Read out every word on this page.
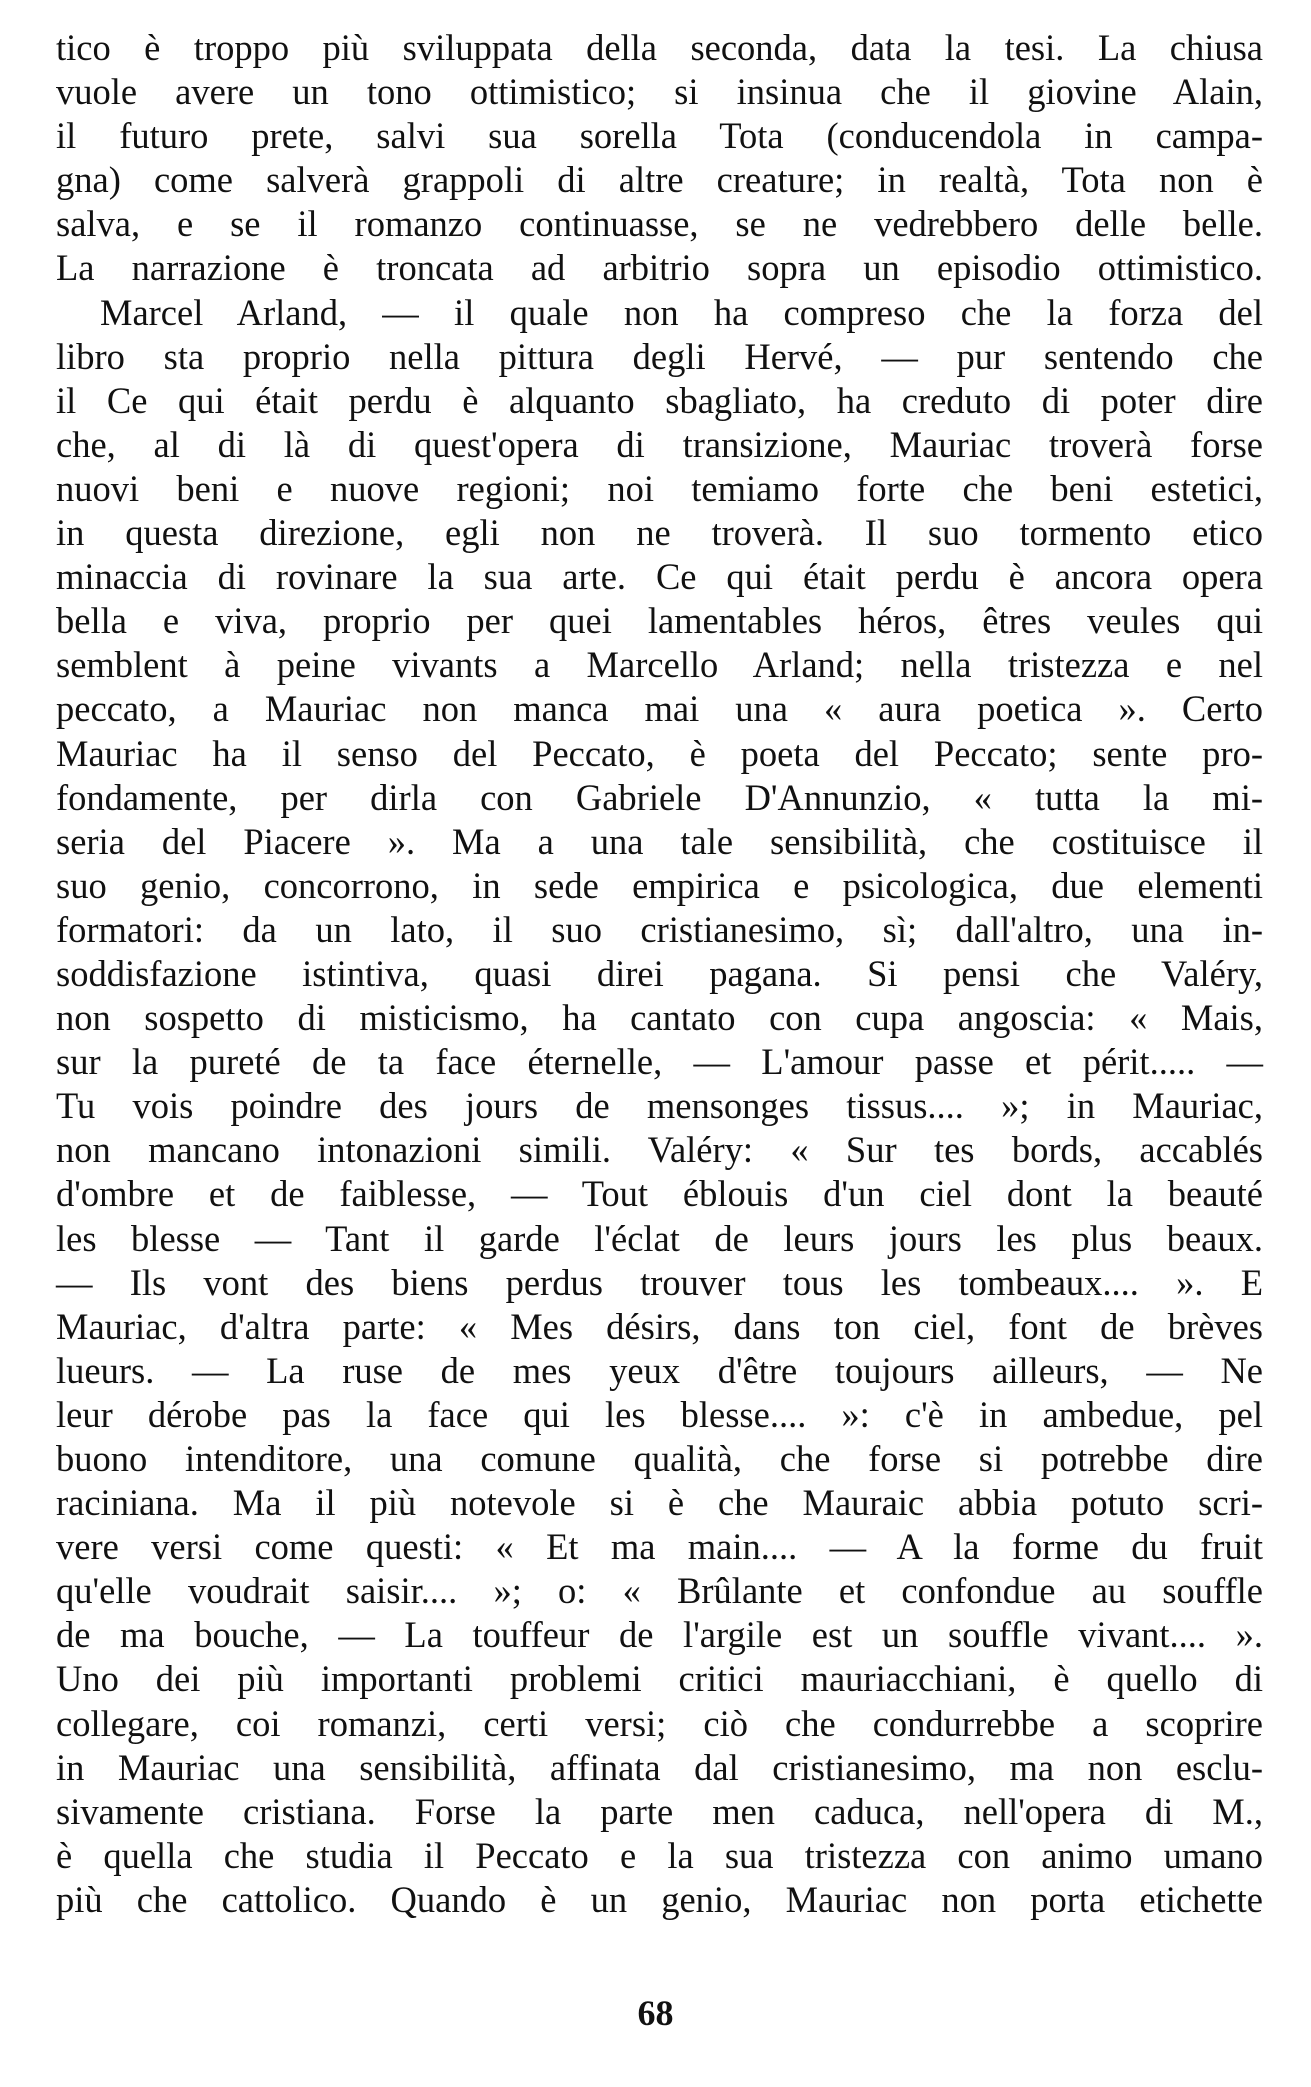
tico è troppo più sviluppata della seconda, data la tesi. La chiusa
vuole avere un tono ottimistico; si insinua che il giovine Alain,
il futuro prete, salvi sua sorella Tota (conducendola in campa-
gna) come salverà grappoli di altre creature; in realtà, Tota non è
salva, e se il romanzo continuasse, se ne vedrebbero delle belle.
La narrazione è troncata ad arbitrio sopra un episodio ottimistico.
Marcel Arland, — il quale non ha compreso che la forza del
libro sta proprio nella pittura degli Hervé, — pur sentendo che
il Ce qui était perdu è alquanto sbagliato, ha creduto di poter dire
che, al di là di quest'opera di transizione, Mauriac troverà forse
nuovi beni e nuove regioni; noi temiamo forte che beni estetici,
in questa direzione, egli non ne troverà. Il suo tormento etico
minaccia di rovinare la sua arte. Ce qui était perdu è ancora opera
bella e viva, proprio per quei lamentables héros, êtres veules qui
semblent à peine vivants a Marcello Arland; nella tristezza e nel
peccato, a Mauriac non manca mai una « aura poetica ». Certo
Mauriac ha il senso del Peccato, è poeta del Peccato; sente pro-
fondamente, per dirla con Gabriele D'Annunzio, « tutta la mi-
seria del Piacere ». Ma a una tale sensibilità, che costituisce il
suo genio, concorrono, in sede empirica e psicologica, due elementi
formatori: da un lato, il suo cristianesimo, sì; dall'altro, una in-
soddisfazione istintiva, quasi direi pagana. Si pensi che Valéry,
non sospetto di misticismo, ha cantato con cupa angoscia: « Mais,
sur la pureté de ta face éternelle, — L'amour passe et périt..... —
Tu vois poindre des jours de mensonges tissus.... »; in Mauriac,
non mancano intonazioni simili. Valéry: « Sur tes bords, accablés
d'ombre et de faiblesse, — Tout éblouis d'un ciel dont la beauté
les blesse — Tant il garde l'éclat de leurs jours les plus beaux.
— Ils vont des biens perdus trouver tous les tombeaux.... ». E
Mauriac, d'altra parte: « Mes désirs, dans ton ciel, font de brèves
lueurs. — La ruse de mes yeux d'être toujours ailleurs, — Ne
leur dérobe pas la face qui les blesse.... »: c'è in ambedue, pel
buono intenditore, una comune qualità, che forse si potrebbe dire
raciniana. Ma il più notevole si è che Mauraic abbia potuto scri-
vere versi come questi: « Et ma main.... — A la forme du fruit
qu'elle voudrait saisir.... »; o: « Brûlante et confondue au souffle
de ma bouche, — La touffeur de l'argile est un souffle vivant.... ».
Uno dei più importanti problemi critici mauriacchiani, è quello di
collegare, coi romanzi, certi versi; ciò che condurrebbe a scoprire
in Mauriac una sensibilità, affinata dal cristianesimo, ma non esclu-
sivamente cristiana. Forse la parte men caduca, nell'opera di M.,
è quella che studia il Peccato e la sua tristezza con animo umano
più che cattolico. Quando è un genio, Mauriac non porta etichette
68
